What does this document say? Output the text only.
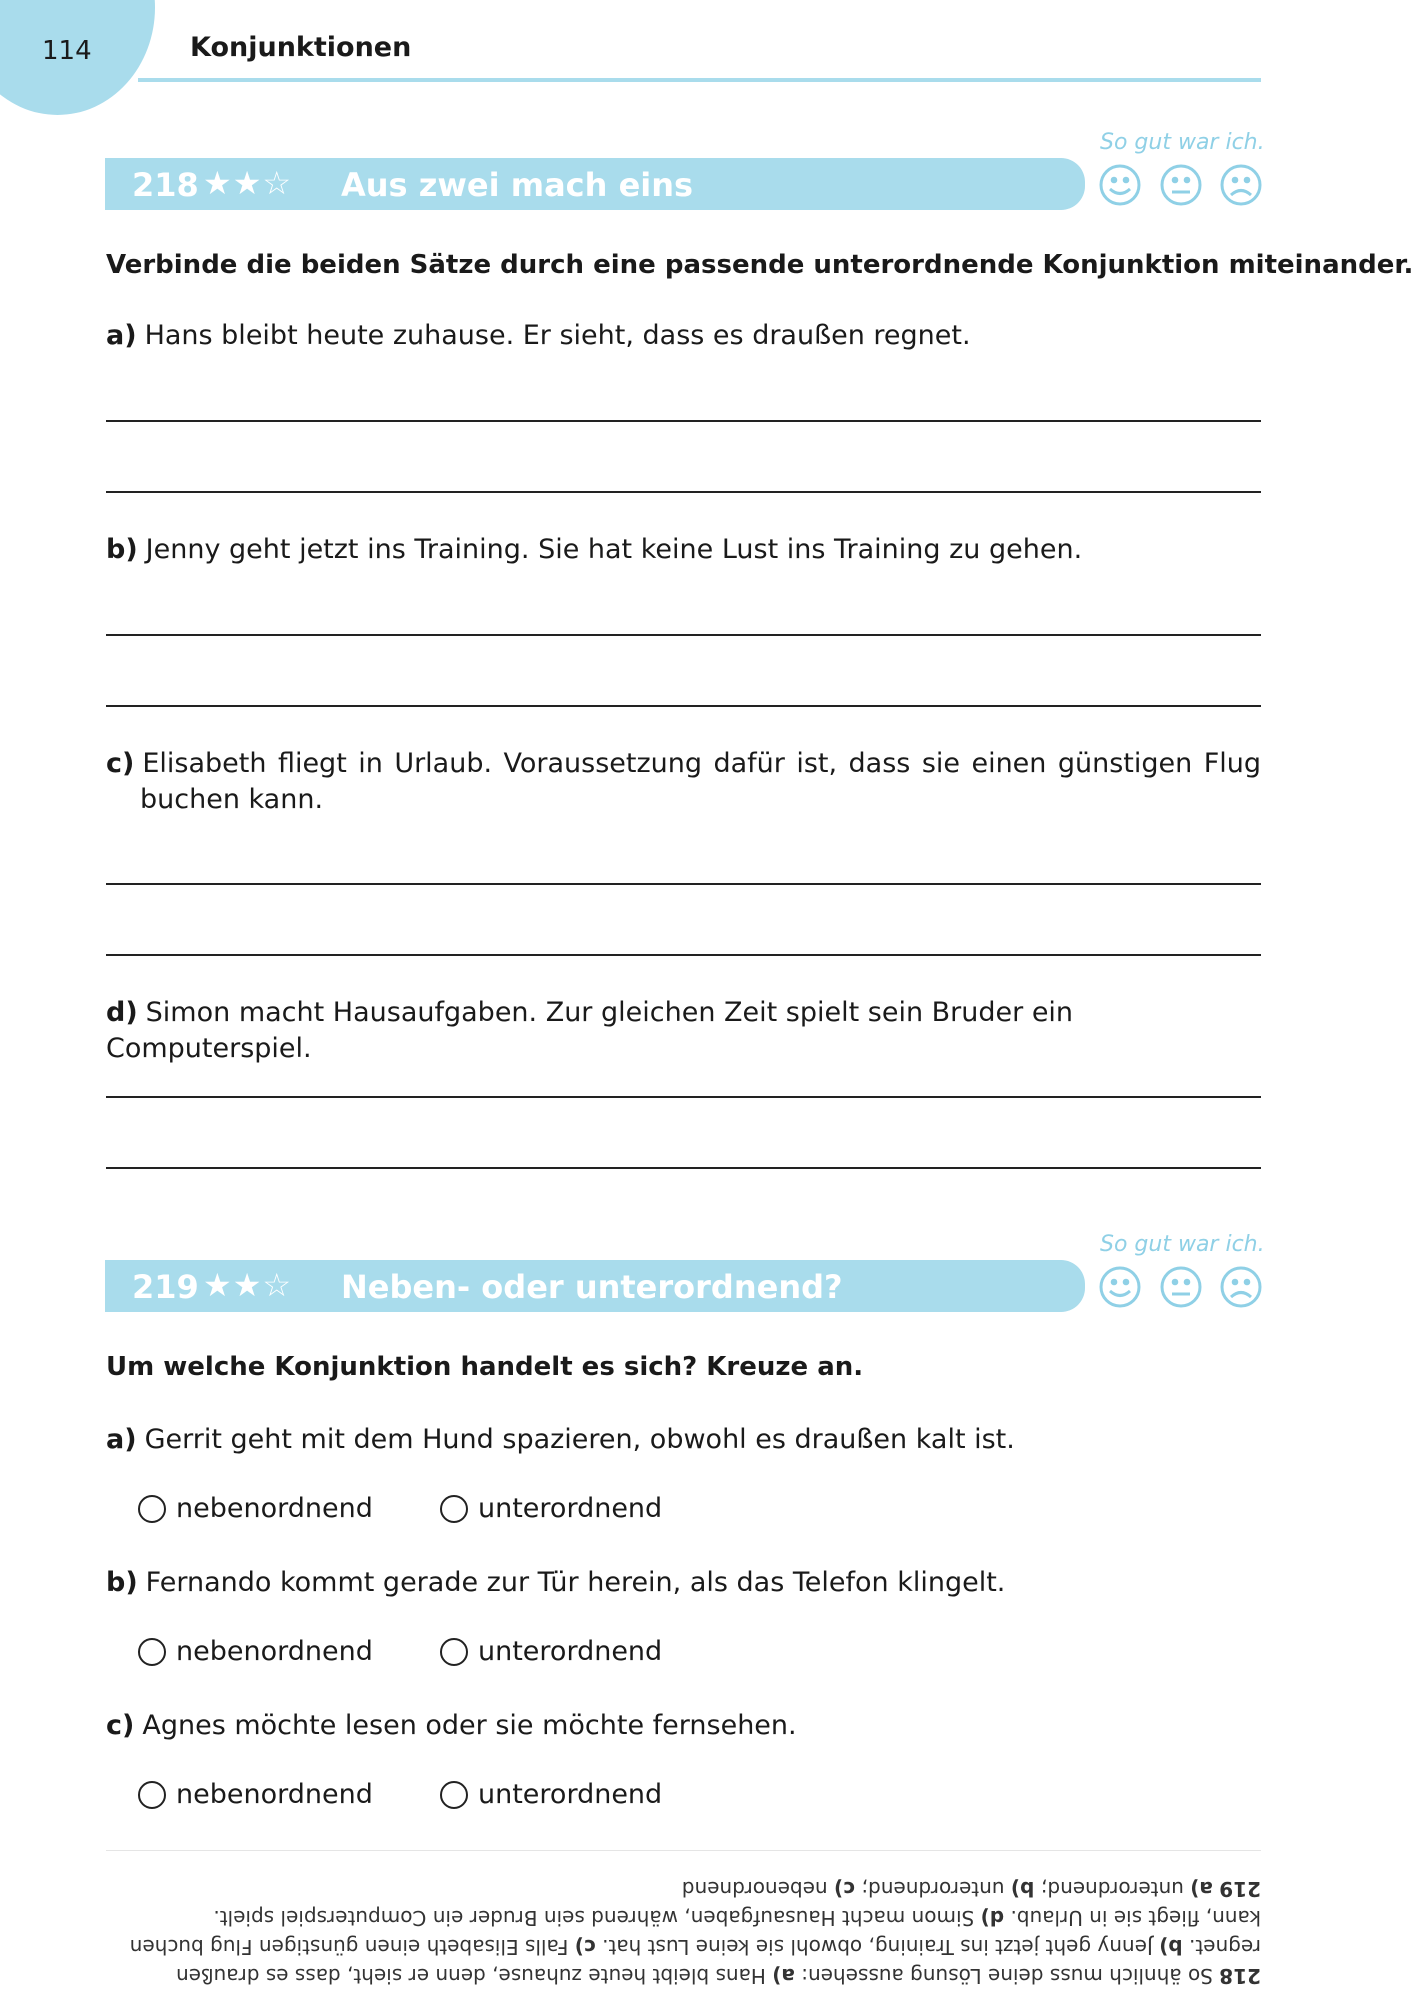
114	Konjunktionen
So gut war ich.
218 ★★☆ Aus zwei mach eins
Verbinde die beiden Sätze durch eine passende unterordnende Konjunktion miteinander.
a) Hans bleibt heute zuhause. Er sieht, dass es draußen regnet.
b) Jenny geht jetzt ins Training. Sie hat keine Lust ins Training zu gehen.
c) Elisabeth fliegt in Urlaub. Voraussetzung dafür ist, dass sie einen günstigen Flug buchen kann.
d) Simon macht Hausaufgaben. Zur gleichen Zeit spielt sein Bruder ein Computerspiel.
So gut war ich.
219 ★★☆ Neben- oder unterordnend?
Um welche Konjunktion handelt es sich? Kreuze an.
a) Gerrit geht mit dem Hund spazieren, obwohl es draußen kalt ist.
nebenordnend	unterordnend
b) Fernando kommt gerade zur Tür herein, als das Telefon klingelt.
nebenordnend	unterordnend
c) Agnes möchte lesen oder sie möchte fernsehen.
nebenordnend	unterordnend
218 So ähnlich muss deine Lösung aussehen: a) Hans bleibt heute zuhause, denn er sieht, dass es draußen regnet. b) Jenny geht jetzt ins Training, obwohl sie keine Lust hat. c) Falls Elisabeth einen günstigen Flug buchen kann, fliegt sie in Urlaub. d) Simon macht Hausaufgaben, während sein Bruder ein Computerspiel spielt.
219 a) unterordnend; b) unterordnend; c) nebenordnend
